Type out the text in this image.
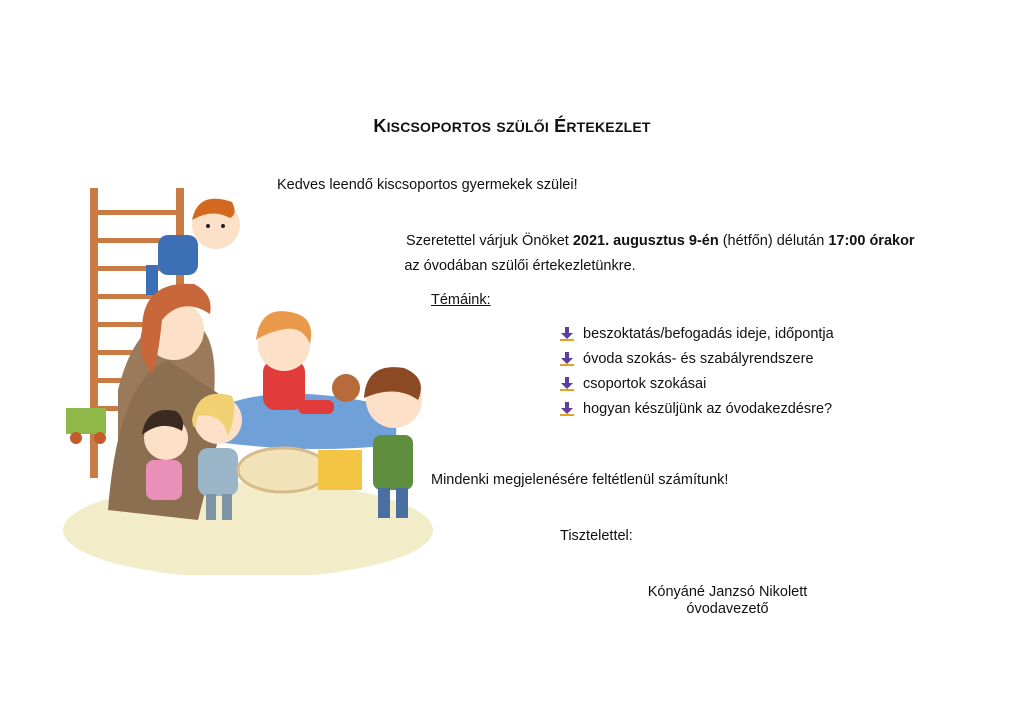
KISCSOPORTOS SZÜLŐI ÉRTEKEZLET
Kedves leendő kiscsoportos gyermekek szülei!
Szeretettel várjuk Önöket 2021. augusztus 9-én (hétfőn) délután 17:00 órakor
az óvodában szülői értekezletünkre.
Témáink:
beszoktatás/befogadás ideje, időpontja
óvoda szokás- és szabályrendszere
csoportok szokásai
hogyan készüljünk az óvodakezdésre?
Mindenki megjelenésére feltétlenül számítunk!
Tisztelettel:
Kónyáné Janzsó Nikolett
óvodavezető
